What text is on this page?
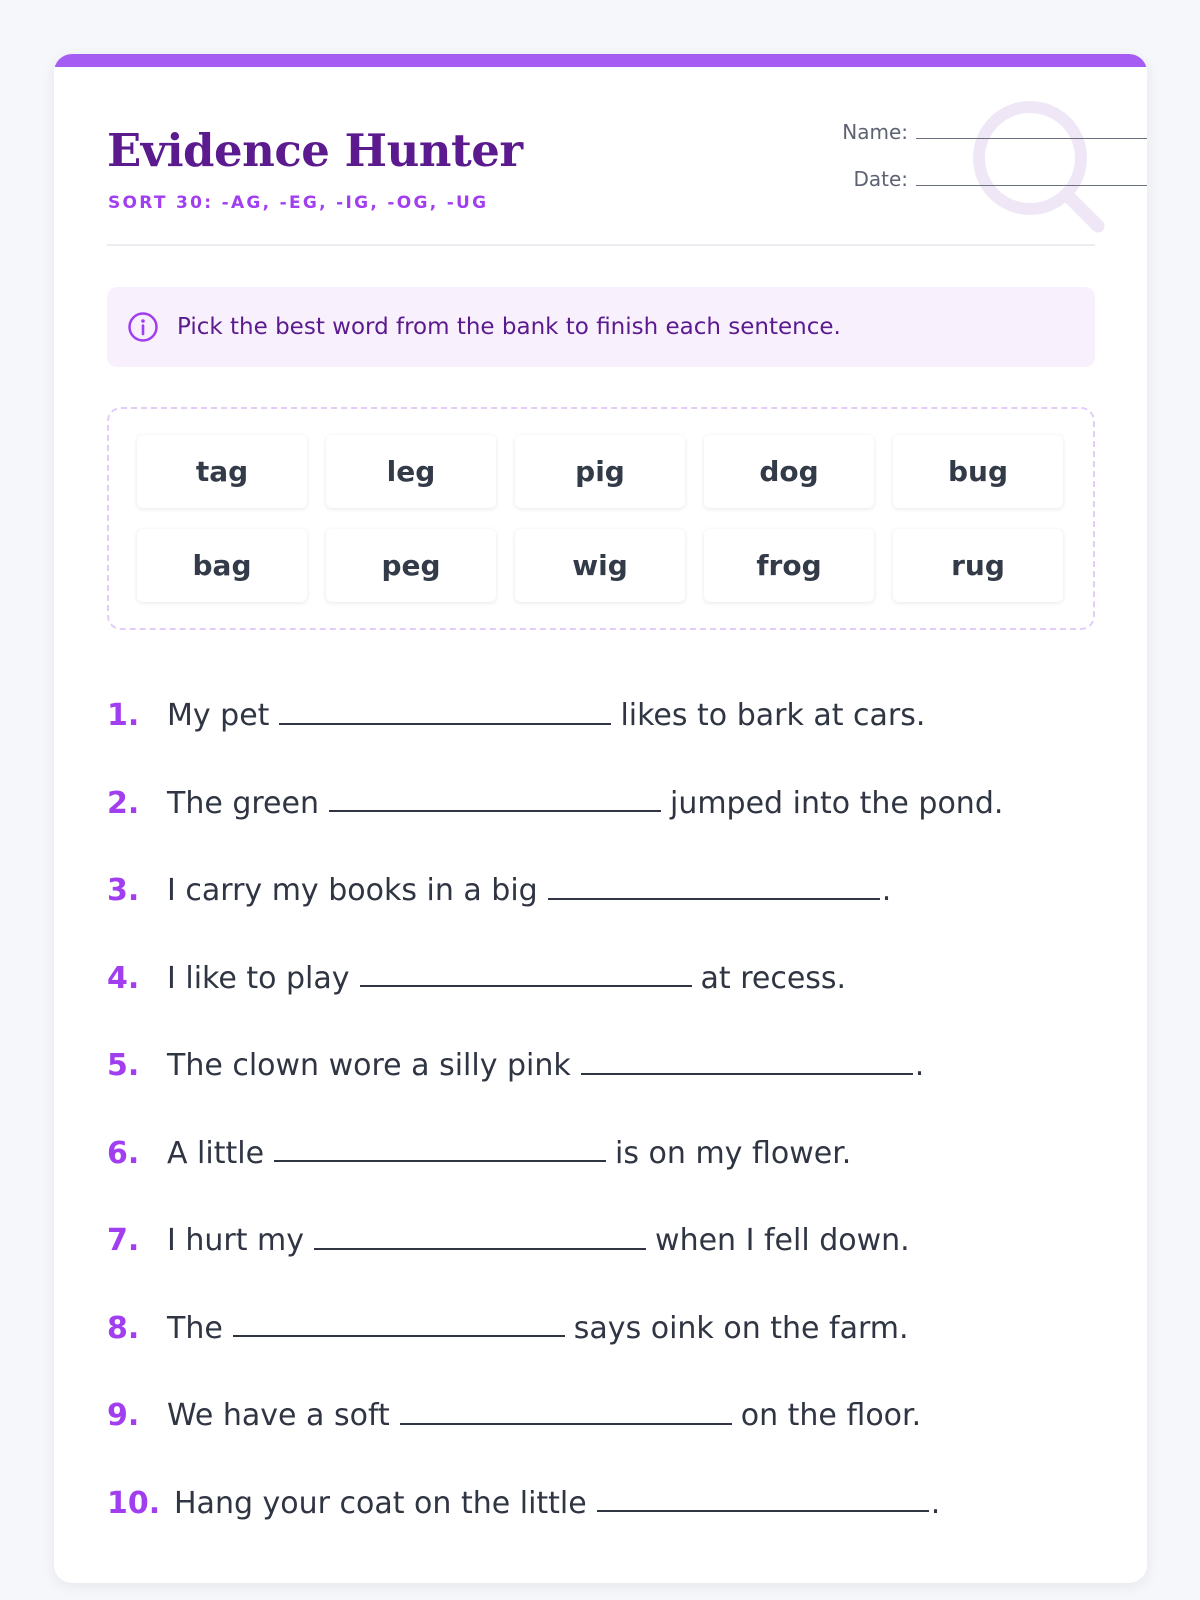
Evidence Hunter
SORT 30: -AG, -EG, -IG, -OG, -UG
Name:
Date:
Pick the best word from the bank to finish each sentence.
tag	leg	pig	dog	bug
bag	peg	wig	frog	rug
1. My pet	likes to bark at cars.
2. The green	jumped into the pond.
3. I carry my books in a big	.
4. I like to play	at recess.
5. The clown wore a silly pink	.
6. A little	is on my flower.
7. I hurt my	when I fell down.
8. The	says oink on the farm.
9. We have a soft	on the floor.
10. Hang your coat on the little	.
